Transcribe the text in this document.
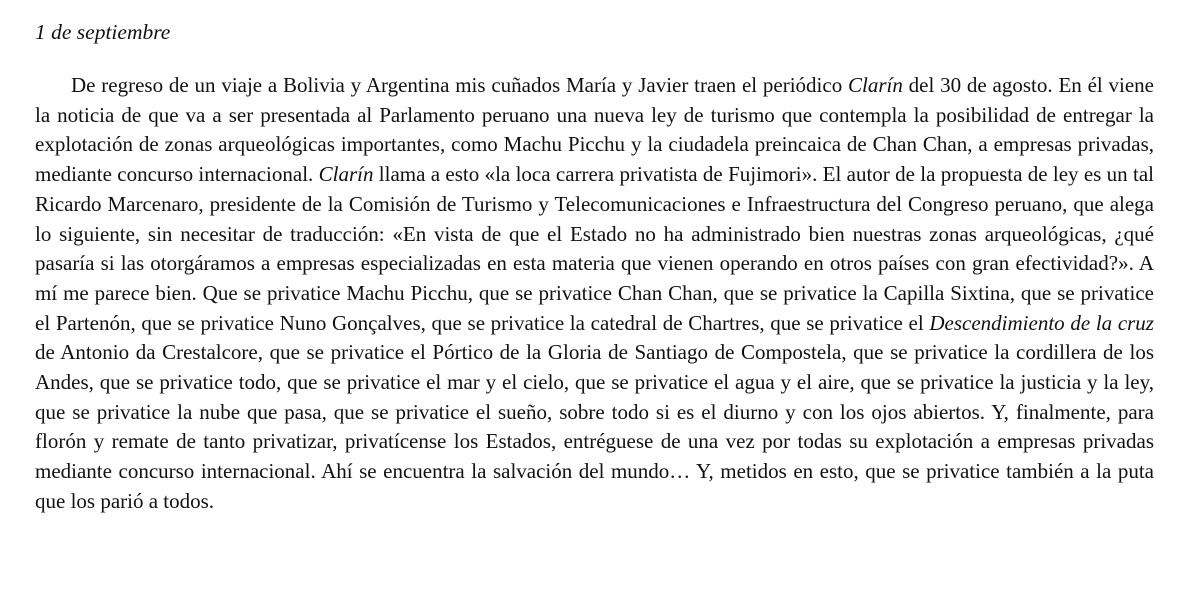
1 de septiembre

De regreso de un viaje a Bolivia y Argentina mis cuñados María y Javier traen el periódico Clarín del 30 de agosto. En él viene la noticia de que va a ser presentada al Parlamento peruano una nueva ley de turismo que contempla la posibilidad de entregar la explotación de zonas arqueológicas importantes, como Machu Picchu y la ciudadela preincaica de Chan Chan, a empresas privadas, mediante concurso internacional. Clarín llama a esto «la loca carrera privatista de Fujimori». El autor de la propuesta de ley es un tal Ricardo Marcenaro, presidente de la Comisión de Turismo y Telecomunicaciones e Infraestructura del Congreso peruano, que alega lo siguiente, sin necesitar de traducción: «En vista de que el Estado no ha administrado bien nuestras zonas arqueológicas, ¿qué pasaría si las otorgáramos a empresas especializadas en esta materia que vienen operando en otros países con gran efectividad?». A mí me parece bien. Que se privatice Machu Picchu, que se privatice Chan Chan, que se privatice la Capilla Sixtina, que se privatice el Partenón, que se privatice Nuno Gonçalves, que se privatice la catedral de Chartres, que se privatice el Descendimiento de la cruz de Antonio da Crestalcore, que se privatice el Pórtico de la Gloria de Santiago de Compostela, que se privatice la cordillera de los Andes, que se privatice todo, que se privatice el mar y el cielo, que se privatice el agua y el aire, que se privatice la justicia y la ley, que se privatice la nube que pasa, que se privatice el sueño, sobre todo si es el diurno y con los ojos abiertos. Y, finalmente, para florón y remate de tanto privatizar, privatícense los Estados, entréguese de una vez por todas su explotación a empresas privadas mediante concurso internacional. Ahí se encuentra la salvación del mundo… Y, metidos en esto, que se privatice también a la puta que los parió a todos.
